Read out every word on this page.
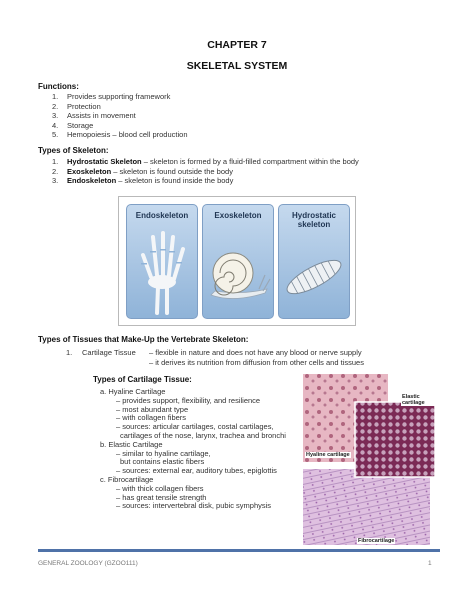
CHAPTER 7
SKELETAL SYSTEM
Functions:
1. Provides supporting framework
2. Protection
3. Assists in movement
4. Storage
5. Hemopoiesis – blood cell production
Types of Skeleton:
1. Hydrostatic Skeleton – skeleton is formed by a fluid-filled compartment within the body
2. Exoskeleton – skeleton is found outside the body
3. Endoskeleton – skeleton is found inside the body
Endoskeleton	Exoskeleton	Hydrostatic skeleton
Types of Tissues that Make-Up the Vertebrate Skeleton:
1. Cartilage Tissue – flexible in nature and does not have any blood or nerve supply
– it derives its nutrition from diffusion from other cells and tissues
Types of Cartilage Tissue:
a. Hyaline Cartilage
– provides support, flexibility, and resilience
– most abundant type
– with collagen fibers
– sources: articular cartilages, costal cartilages,
cartilages of the nose, larynx, trachea and bronchi
b. Elastic Cartilage
– similar to hyaline cartilage,
but contains elastic fibers
– sources: external ear, auditory tubes, epiglottis
c. Fibrocartilage
– with thick collagen fibers
– has great tensile strength
– sources: intervertebral disk, pubic symphysis
Elastic cartilage
Hyaline cartilage
Fibrocartilage
GENERAL ZOOLOGY (GZOO111)	1
